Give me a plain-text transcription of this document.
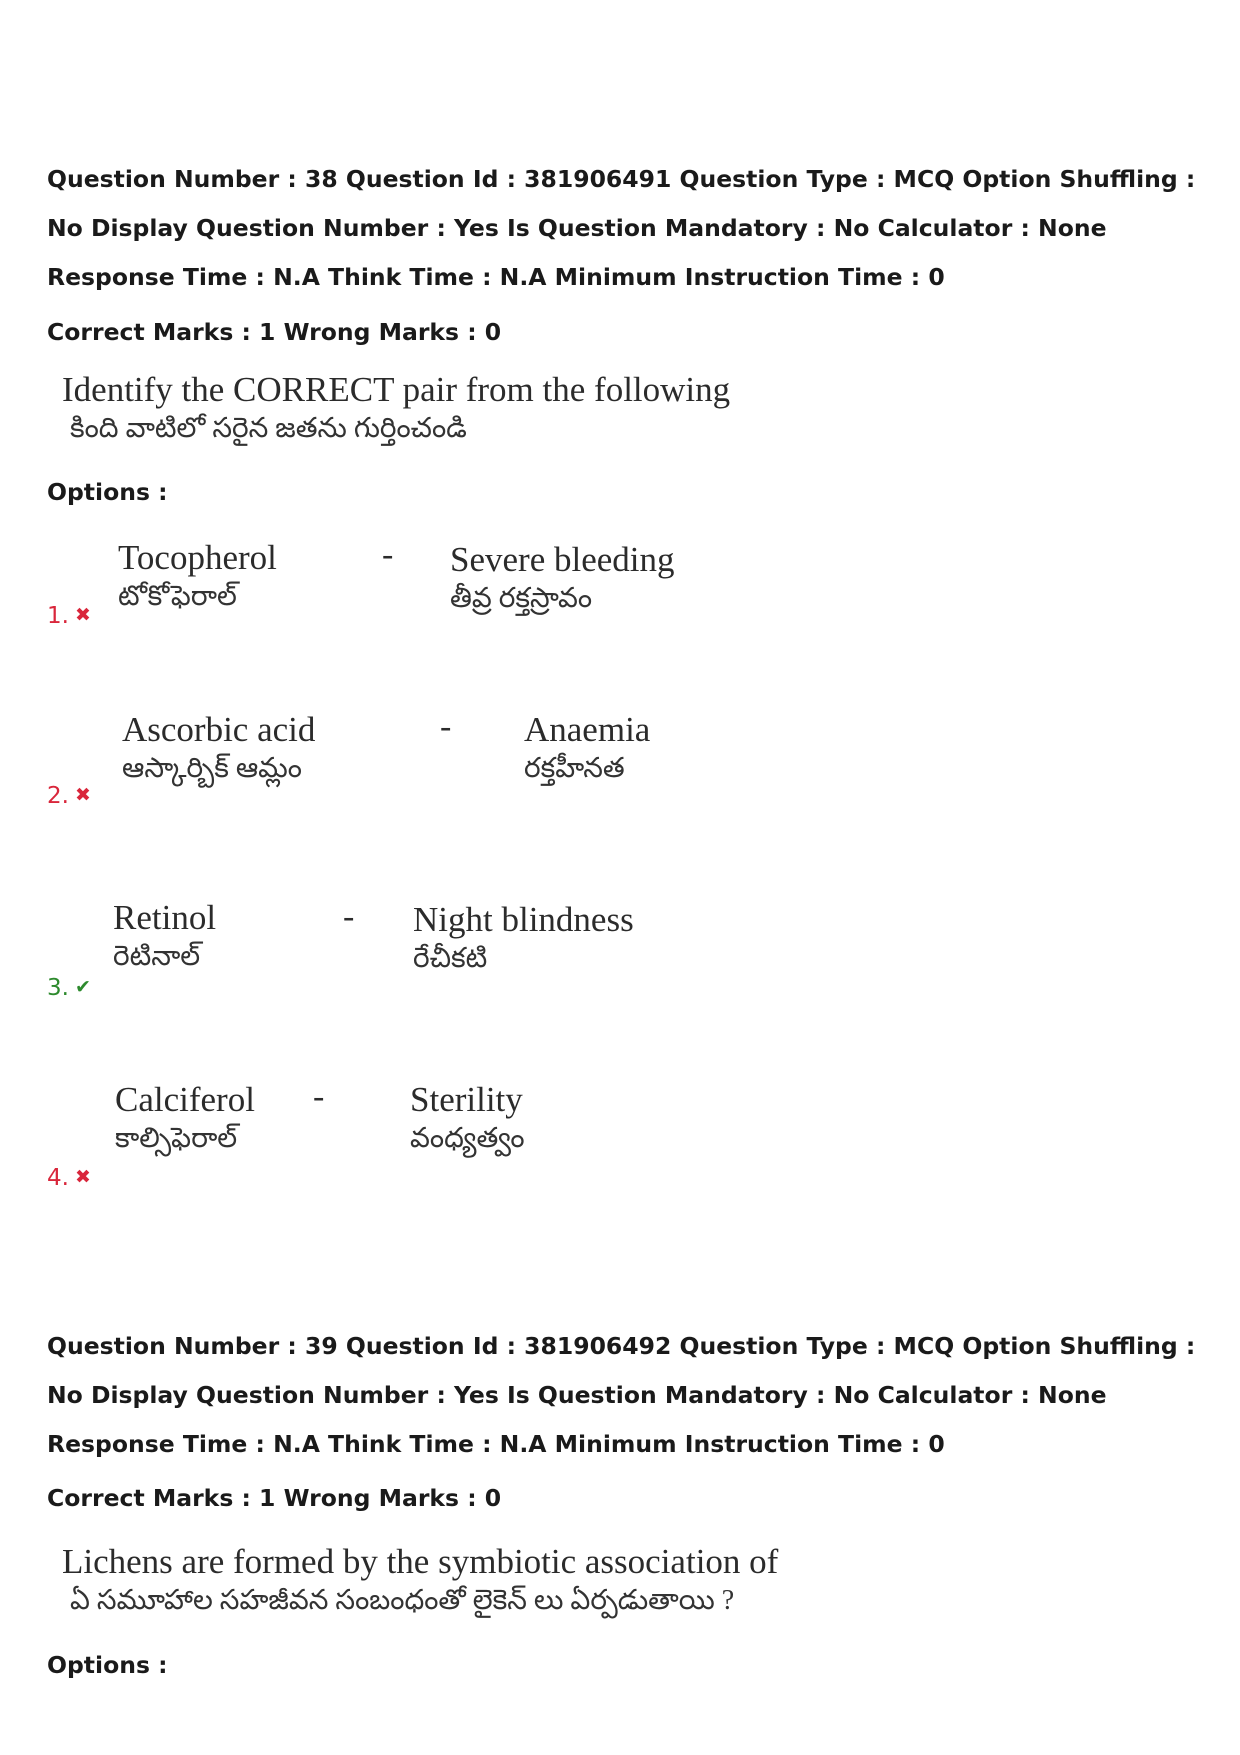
Question Number : 38 Question Id : 381906491 Question Type : MCQ Option Shuffling : No Display Question Number : Yes Is Question Mandatory : No Calculator : None Response Time : N.A Think Time : N.A Minimum Instruction Time : 0
Correct Marks : 1 Wrong Marks : 0
Identify the CORRECT pair from the following
కింది వాటిలో సరైన జతను గుర్తించండి
Options :
Tocopherol
టోకోఫెరాల్
- Severe bleeding
తీవ్ర రక్తస్రావం
1. ✖
Ascorbic acid
ఆస్కార్బిక్ ఆమ్లం
- Anaemia
రక్తహీనత
2. ✖
Retinol
రెటినాల్
- Night blindness
రేచీకటి
3. ✔
Calciferol
కాల్సిఫెరాల్
- Sterility
వంధ్యత్వం
4. ✖
Question Number : 39 Question Id : 381906492 Question Type : MCQ Option Shuffling : No Display Question Number : Yes Is Question Mandatory : No Calculator : None Response Time : N.A Think Time : N.A Minimum Instruction Time : 0
Correct Marks : 1 Wrong Marks : 0
Lichens are formed by the symbiotic association of
ఏ సమూహాల సహజీవన సంబంధంతో లైకెన్ లు ఏర్పడుతాయి ?
Options :
